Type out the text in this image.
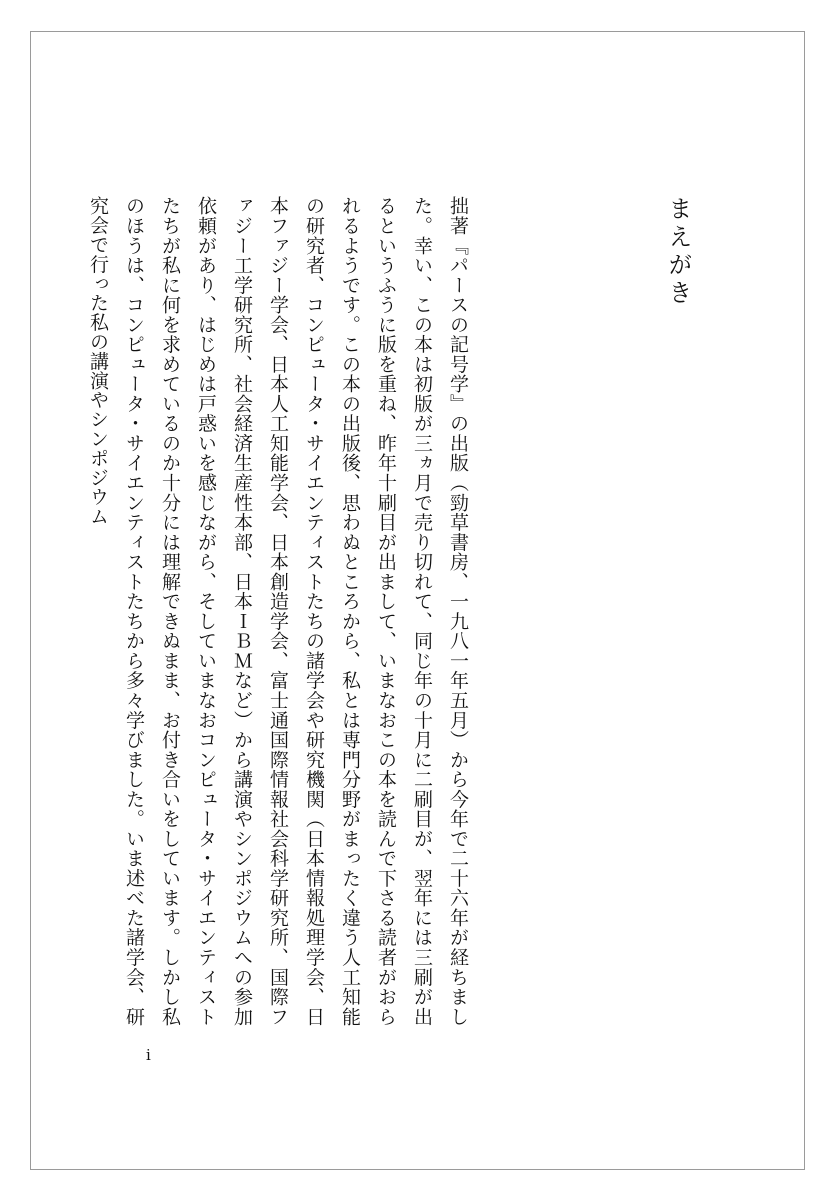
まえがき

拙著『パースの記号学』の出版（勁草書房、一九八一年五月）から今年で二十六年が経ちました。幸い、この本は初版が三ヵ月で売り切れて、同じ年の十月に二刷目が、翌年には三刷が出るというふうに版を重ね、昨年十刷目が出まして、いまなおこの本を読んで下さる読者がおられるようです。この本の出版後、思わぬところから、私とは専門分野がまったく違う人工知能の研究者、コンピュータ・サイエンティストたちの諸学会や研究機関（日本情報処理学会、日本ファジー学会、日本人工知能学会、日本創造学会、富士通国際情報社会科学研究所、国際ファジー工学研究所、社会経済生産性本部、日本ＩＢＭなど）から講演やシンポジウムへの参加依頼があり、はじめは戸惑いを感じながら、そしていまなおコンピュータ・サイエンティストたちが私に何を求めているのか十分には理解できぬまま、お付き合いをしています。しかし私のほうは、コンピュータ・サイエンティストたちから多々学びました。いま述べた諸学会、研究会で行った私の講演やシンポジウム

i
